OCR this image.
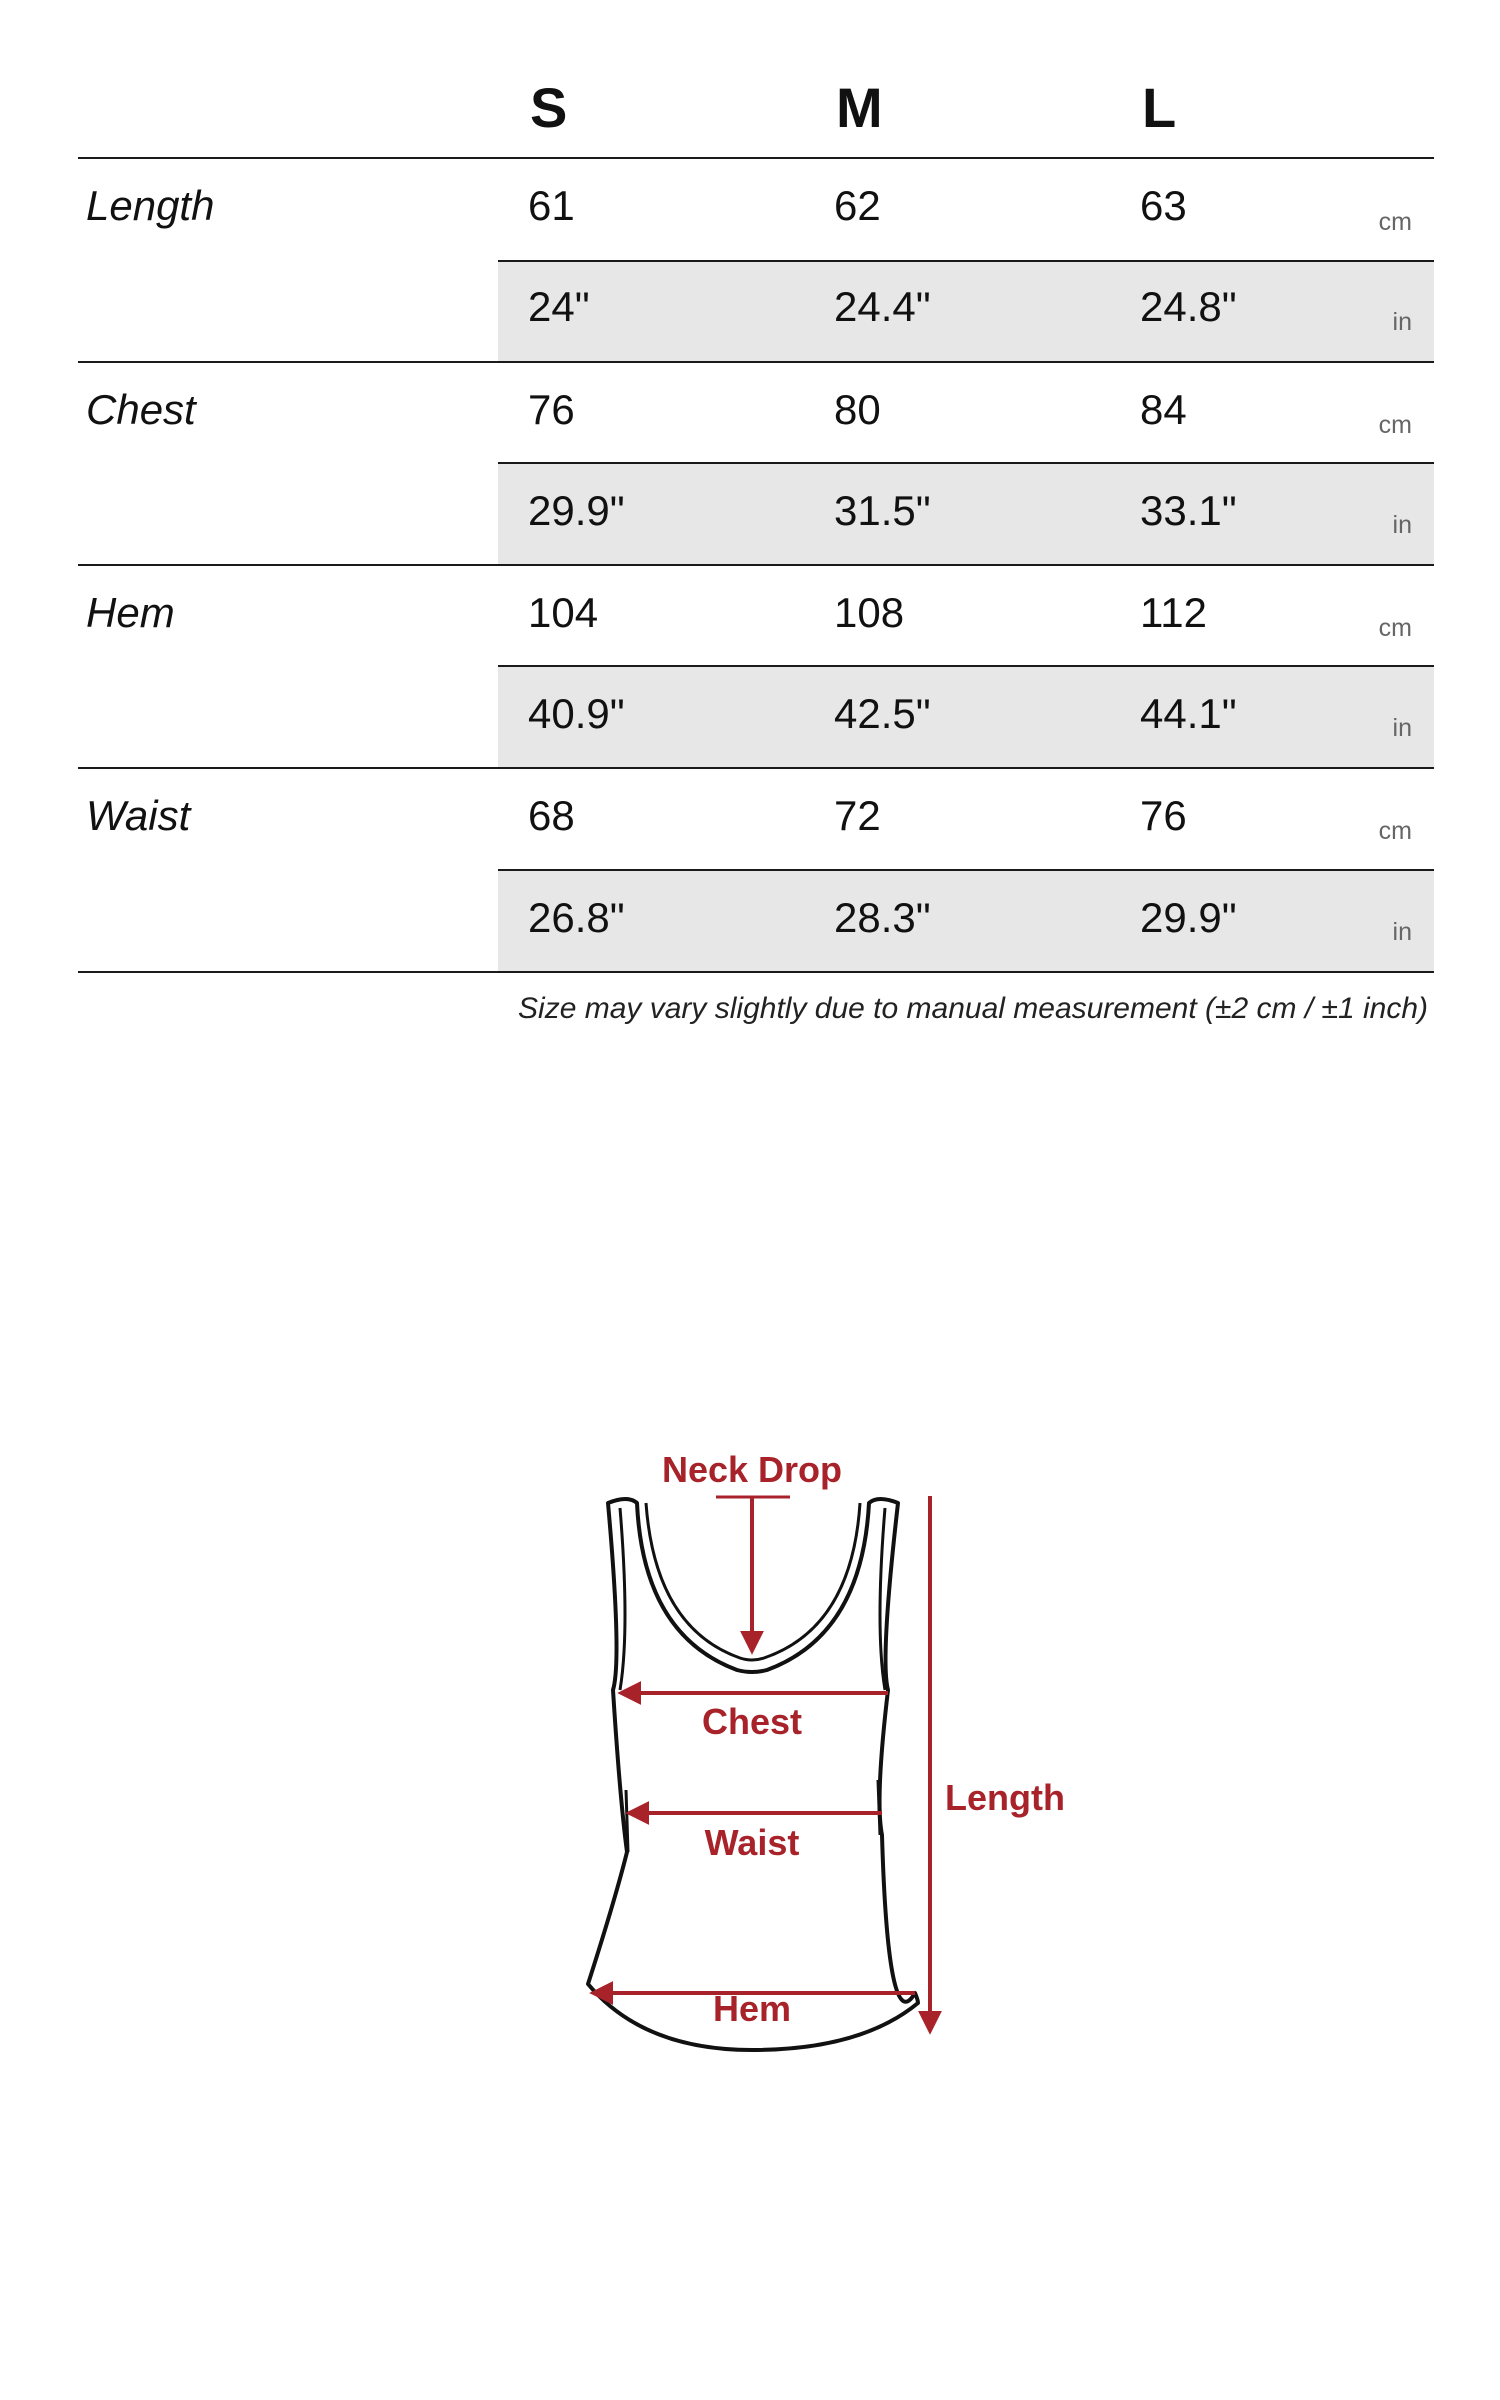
S	M	L
Length	61	62	63	cm
24"	24.4"	24.8"	in
Chest	76	80	84	cm
29.9"	31.5"	33.1"	in
Hem	104	108	112	cm
40.9"	42.5"	44.1"	in
Waist	68	72	76	cm
26.8"	28.3"	29.9"	in
Size may vary slightly due to manual measurement (±2 cm / ±1 inch)
Neck Drop
Chest
Waist
Hem
Length
